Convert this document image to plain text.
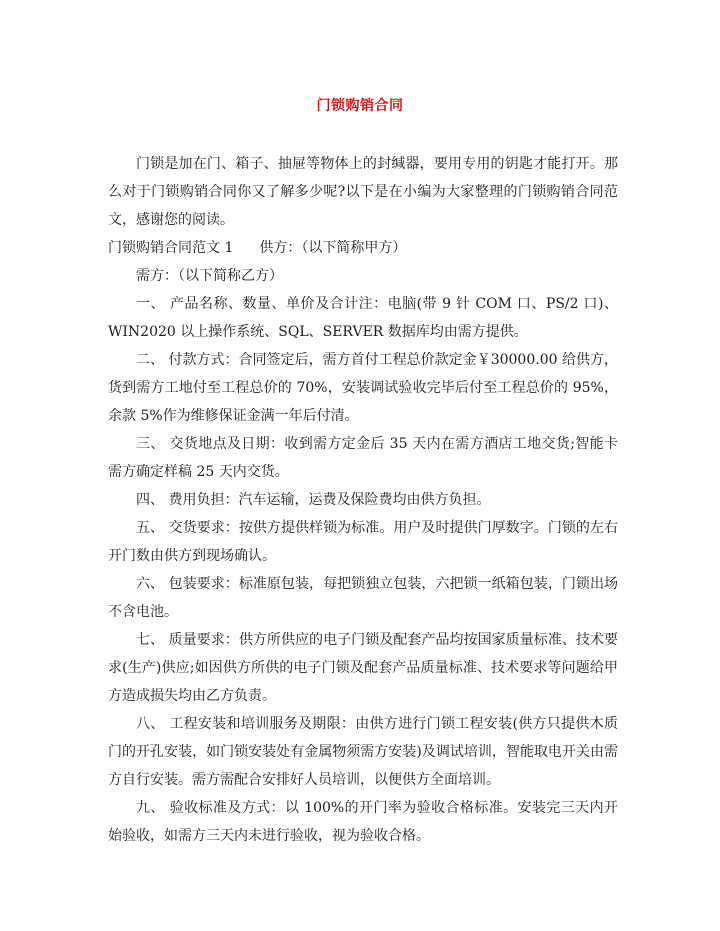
门锁购销合同

门锁是加在门、箱子、抽屉等物体上的封缄器，要用专用的钥匙才能打开。那么对于门锁购销合同你又了解多少呢?以下是在小编为大家整理的门锁购销合同范文，感谢您的阅读。

门锁购销合同范文 1 供方：（以下简称甲方）

需方：（以下简称乙方）

一、 产品名称、数量、单价及合计注：电脑(带 9 针 COM 口、PS/2 口)、WIN2020 以上操作系统、SQL、SERVER 数据库均由需方提供。

二、 付款方式：合同签定后，需方首付工程总价款定金￥30000.00 给供方，货到需方工地付至工程总价的 70%，安装调试验收完毕后付至工程总价的 95%，余款 5%作为维修保证金满一年后付清。

三、 交货地点及日期：收到需方定金后 35 天内在需方酒店工地交货;智能卡需方确定样稿 25 天内交货。

四、 费用负担：汽车运输，运费及保险费均由供方负担。

五、 交货要求：按供方提供样锁为标准。用户及时提供门厚数字。门锁的左右开门数由供方到现场确认。

六、 包装要求：标准原包装，每把锁独立包装，六把锁一纸箱包装，门锁出场不含电池。

七、 质量要求：供方所供应的电子门锁及配套产品均按国家质量标准、技术要求(生产)供应;如因供方所供的电子门锁及配套产品质量标准、技术要求等问题给甲方造成损失均由乙方负责。

八、 工程安装和培训服务及期限：由供方进行门锁工程安装(供方只提供木质门的开孔安装，如门锁安装处有金属物须需方安装)及调试培训，智能取电开关由需方自行安装。需方需配合安排好人员培训，以便供方全面培训。

九、 验收标准及方式：以 100%的开门率为验收合格标准。安装完三天内开始验收，如需方三天内未进行验收，视为验收合格。
